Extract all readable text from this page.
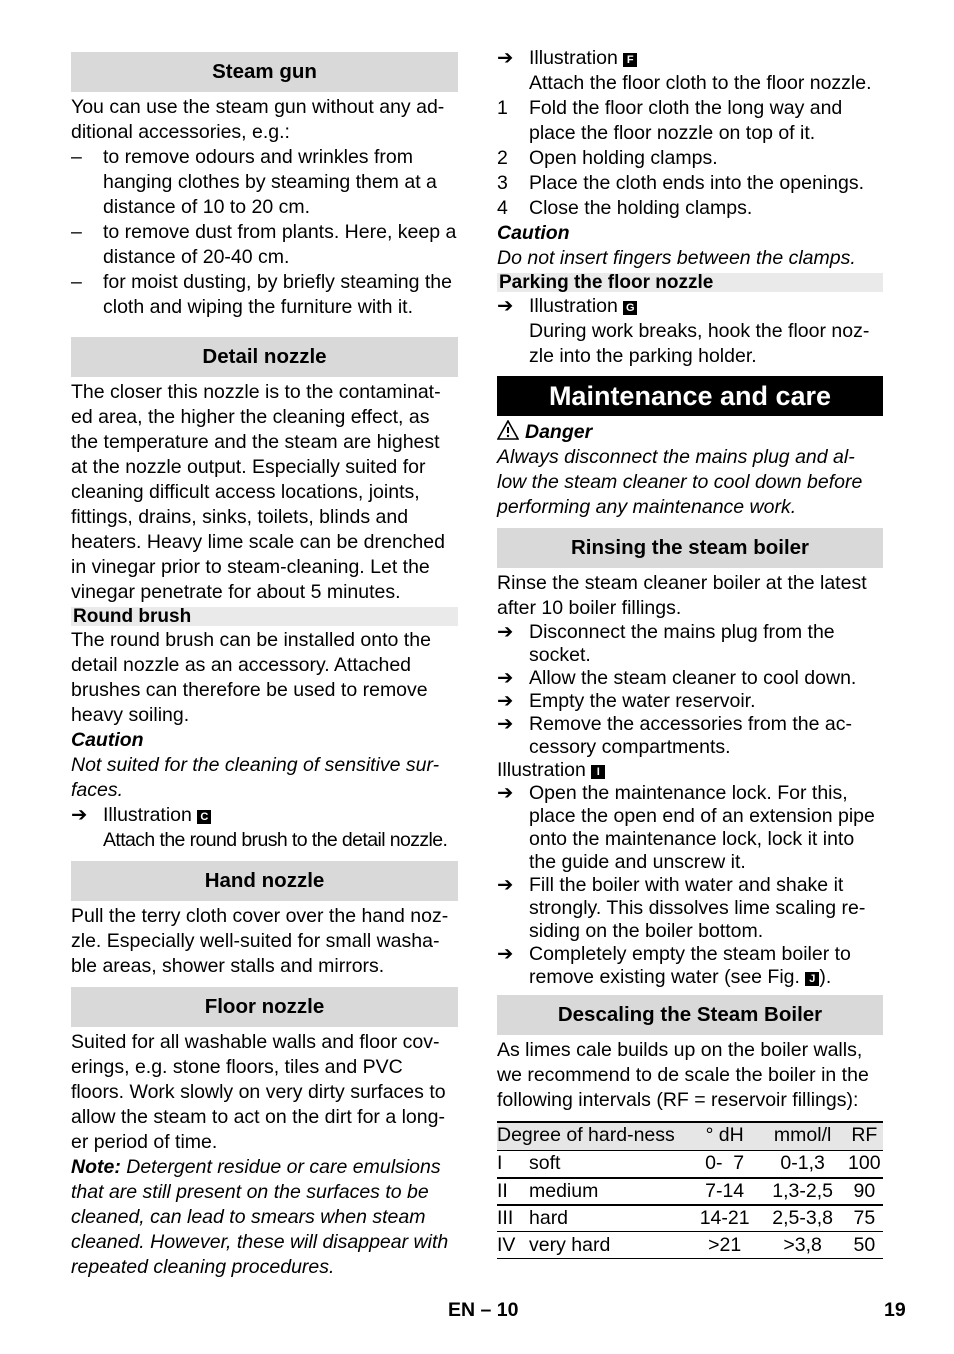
Steam gun

You can use the steam gun without any ad-ditional accessories, e.g.:

–	to remove odours and wrinkles from hanging clothes by steaming them at a distance of 10 to 20 cm.
–	to remove dust from plants. Here, keep a distance of 20-40 cm.
–	for moist dusting, by briefly steaming the cloth and wiping the furniture with it.
Detail nozzle

The closer this nozzle is to the contaminat-ed area, the higher the cleaning effect, as the temperature and the steam are highest at the nozzle output. Especially suited for cleaning difficult access locations, joints, fittings, drains, sinks, toilets, blinds and heaters. Heavy lime scale can be drenched in vinegar prior to steam-cleaning. Let the vinegar penetrate for about 5 minutes.

Round brush

The round brush can be installed onto the detail nozzle as an accessory. Attached brushes can therefore be used to remove heavy soiling.

Caution

Not suited for the cleaning of sensitive sur-faces.

➔ Illustration C

Attach the round brush to the detail nozzle.

Hand nozzle

Pull the terry cloth cover over the hand noz-zle. Especially well-suited for small washa-ble areas, shower stalls and mirrors.

Floor nozzle

Suited for all washable walls and floor cov-erings, e.g. stone floors, tiles and PVC floors. Work slowly on very dirty surfaces to allow the steam to act on the dirt for a long-er period of time.

Note: Detergent residue or care emulsions that are still present on the surfaces to be cleaned, can lead to smears when steam cleaned. However, these will disappear with repeated cleaning procedures.

➔ Illustration F

Attach the floor cloth to the floor nozzle.

1 Fold the floor cloth the long way and place the floor nozzle on top of it.
2 Open holding clamps.
3 Place the cloth ends into the openings.
4 Close the holding clamps.

Caution

Do not insert fingers between the clamps.

Parking the floor nozzle
➔ Illustration G

During work breaks, hook the floor noz-zle into the parking holder.

Maintenance and care

Danger

Always disconnect the mains plug and al-low the steam cleaner to cool down before performing any maintenance work.

Rinsing the steam boiler

Rinse the steam cleaner boiler at the latest after 10 boiler fillings.

➔ Disconnect the mains plug from the socket.
➔ Allow the steam cleaner to cool down.
➔ Empty the water reservoir.
➔ Remove the accessories from the ac-cessory compartments.

Illustration I

➔ Open the maintenance lock. For this, place the open end of an extension pipe onto the maintenance lock, lock it into the guide and unscrew it.
➔ Fill the boiler with water and shake it strongly. This dissolves lime scaling re-siding on the boiler bottom.
➔ Completely empty the steam boiler to remove existing water (see Fig. J ).
Descaling the Steam Boiler

As limes cale builds up on the boiler walls, we recommend to de scale the boiler in the following intervals (RF = reservoir fillings):

Degree of hard-ness		° dH	mmol/l	RF
I	soft	0-  7	0-1,3	100
II	medium	7-14	1,3-2,5	90
III	hard	14-21	2,5-3,8	75
IV	very hard	>21	>3,8	50
EN – 10	19
